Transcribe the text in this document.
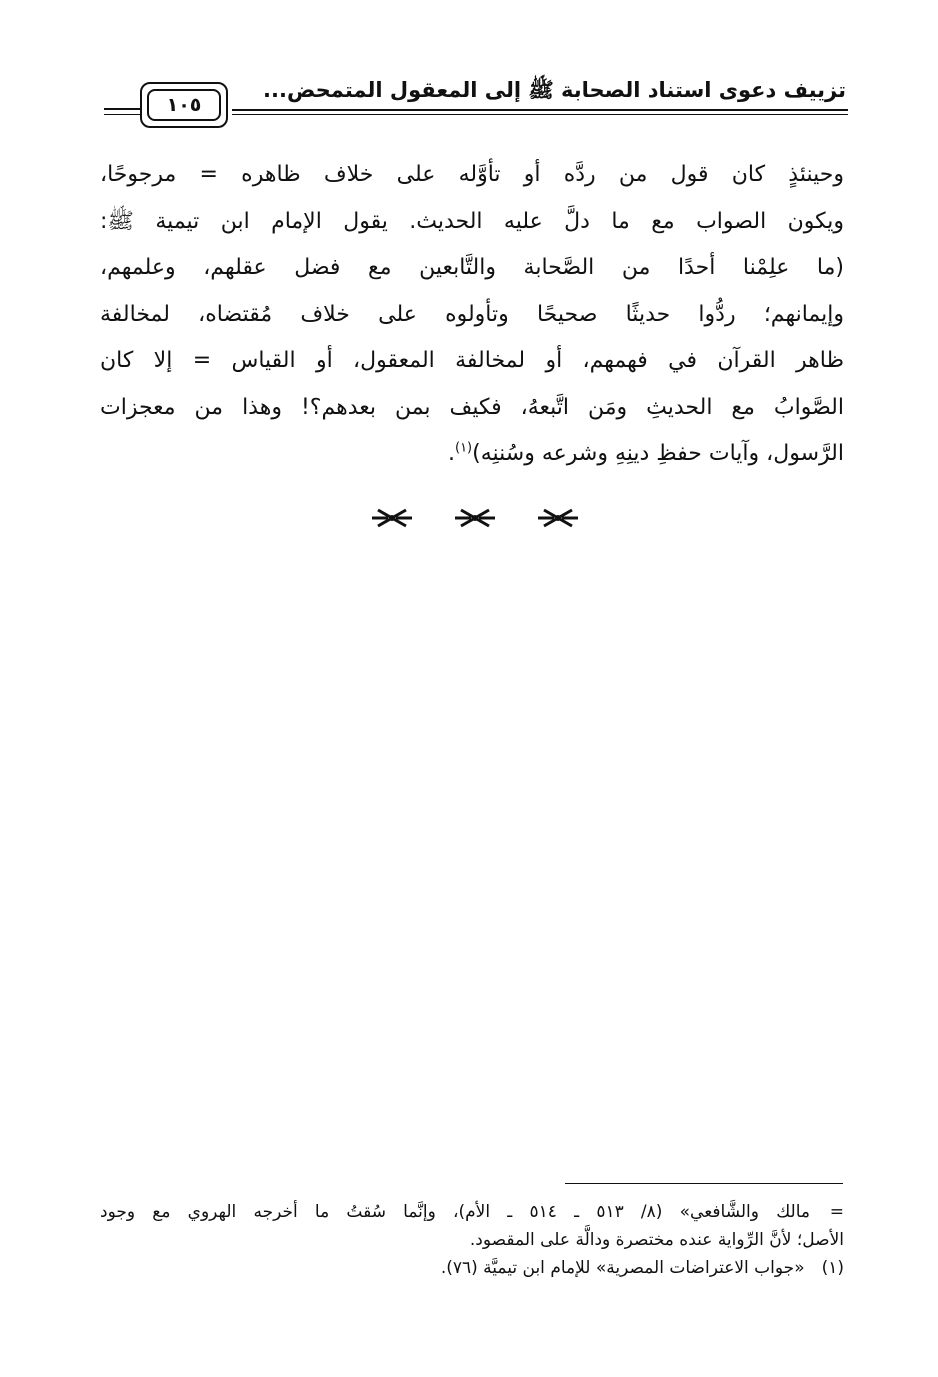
تزييف دعوى استناد الصحابة ﷺ إلى المعقول المتمحض...
١٠٥
وحينئذٍ كان قول من ردَّه أو تأوَّله على خلاف ظاهره = مرجوحًا،
ويكون الصواب مع ما دلَّ عليه الحديث. يقول الإمام ابن تيمية ﷺ:
(ما علِمْنا أحدًا من الصَّحابة والتَّابعين مع فضل عقلهم، وعلمهم،
وإيمانهم؛ ردُّوا حديثًا صحيحًا وتأولوه على خلاف مُقتضاه، لمخالفة
ظاهر القرآن في فهمهم، أو لمخالفة المعقول، أو القياس = إلا كان
الصَّوابُ مع الحديثِ ومَن اتَّبعهُ، فكيف بمن بعدهم؟! وهذا من معجزات
الرَّسول، وآيات حفظِ دينِهِ وشرعه وسُننِه)$^{(١)}$.
=مالك والشَّافعي» (٨/ ٥١٣ ـ ٥١٤ ـ الأم)، وإنَّما سُقتُ ما أخرجه الهروي مع وجود
الأصل؛ لأنَّ الرِّواية عنده مختصرة ودالَّة على المقصود.
(١) «جواب الاعتراضات المصرية» للإمام ابن تيميَّة (٧٦).
